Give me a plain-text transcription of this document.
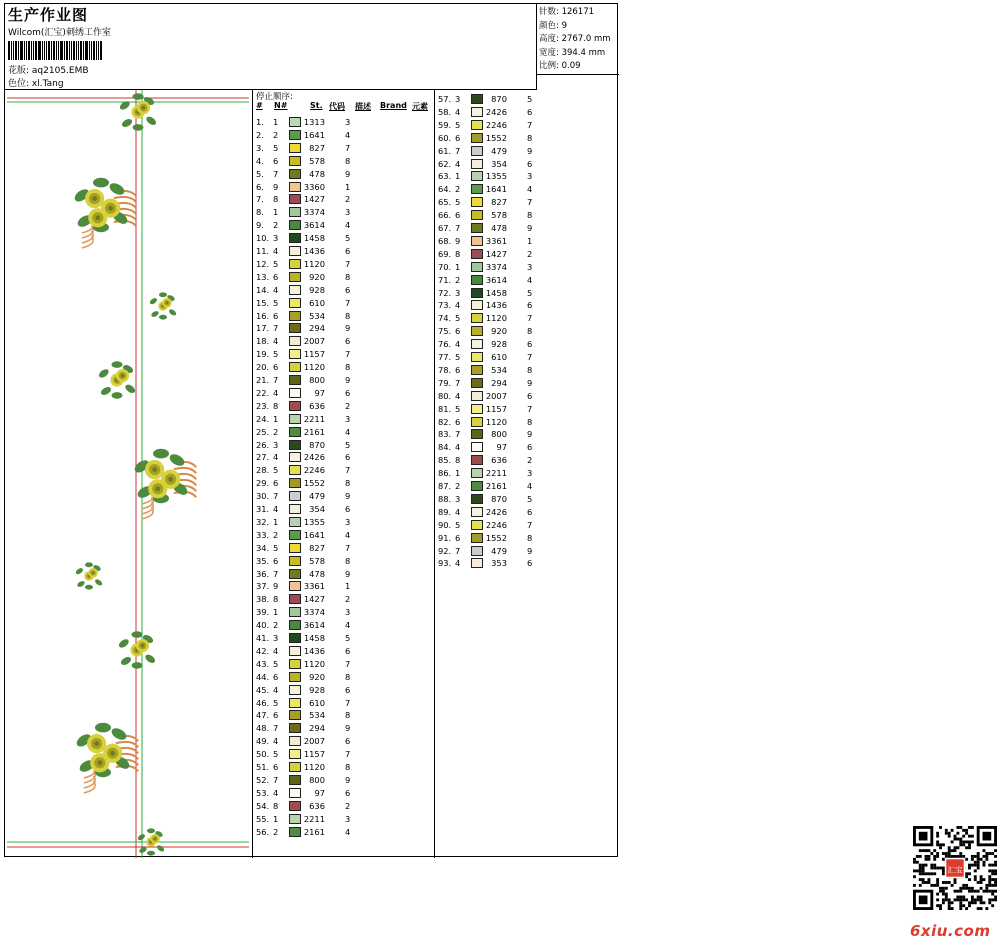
生产作业图
Wilcom(汇宝)刺绣工作室
花版: aq2105.EMB
色位: xl.Tang
针数: 126171
颜色: 9
高度: 2767.0 mm
宽度: 394.4 mm
比例: 0.09
停止顺序:
# N#	St. 代码 描述 Brand 元素
1. 1	1313 3
2. 2	1641 4
3. 5	827 7
4. 6	578 8
5. 7	478 9
6. 9	3360 1
7. 8	1427 2
8. 1	3374 3
9. 2	3614 4
10. 3	1458 5
11. 4	1436 6
12. 5	1120 7
13. 6	920 8
14. 4	928 6
15. 5	610 7
16. 6	534 8
17. 7	294 9
18. 4	2007 6
19. 5	1157 7
20. 6	1120 8
21. 7	800 9
22. 4	97 6
23. 8	636 2
24. 1	2211 3
25. 2	2161 4
26. 3	870 5
27. 4	2426 6
28. 5	2246 7
29. 6	1552 8
30. 7	479 9
31. 4	354 6
32. 1	1355 3
33. 2	1641 4
34. 5	827 7
35. 6	578 8
36. 7	478 9
37. 9	3361 1
38. 8	1427 2
39. 1	3374 3
40. 2	3614 4
41. 3	1458 5
42. 4	1436 6
43. 5	1120 7
44. 6	920 8
45. 4	928 6
46. 5	610 7
47. 6	534 8
48. 7	294 9
49. 4	2007 6
50. 5	1157 7
51. 6	1120 8
52. 7	800 9
53. 4	97 6
54. 8	636 2
55. 1	2211 3
56. 2	2161 4
57. 3	870 5
58. 4	2426 6
59. 5	2246 7
60. 6	1552 8
61. 7	479 9
62. 4	354 6
63. 1	1355 3
64. 2	1641 4
65. 5	827 7
66. 6	578 8
67. 7	478 9
68. 9	3361 1
69. 8	1427 2
70. 1	3374 3
71. 2	3614 4
72. 3	1458 5
73. 4	1436 6
74. 5	1120 7
75. 6	920 8
76. 4	928 6
77. 5	610 7
78. 6	534 8
79. 7	294 9
80. 4	2007 6
81. 5	1157 7
82. 6	1120 8
83. 7	800 9
84. 4	97 6
85. 8	636 2
86. 1	2211 3
87. 2	2161 4
88. 3	870 5
89. 4	2426 6
90. 5	2246 7
91. 6	1552 8
92. 7	479 9
93. 4	353 6
汇宝
6xiu.com
